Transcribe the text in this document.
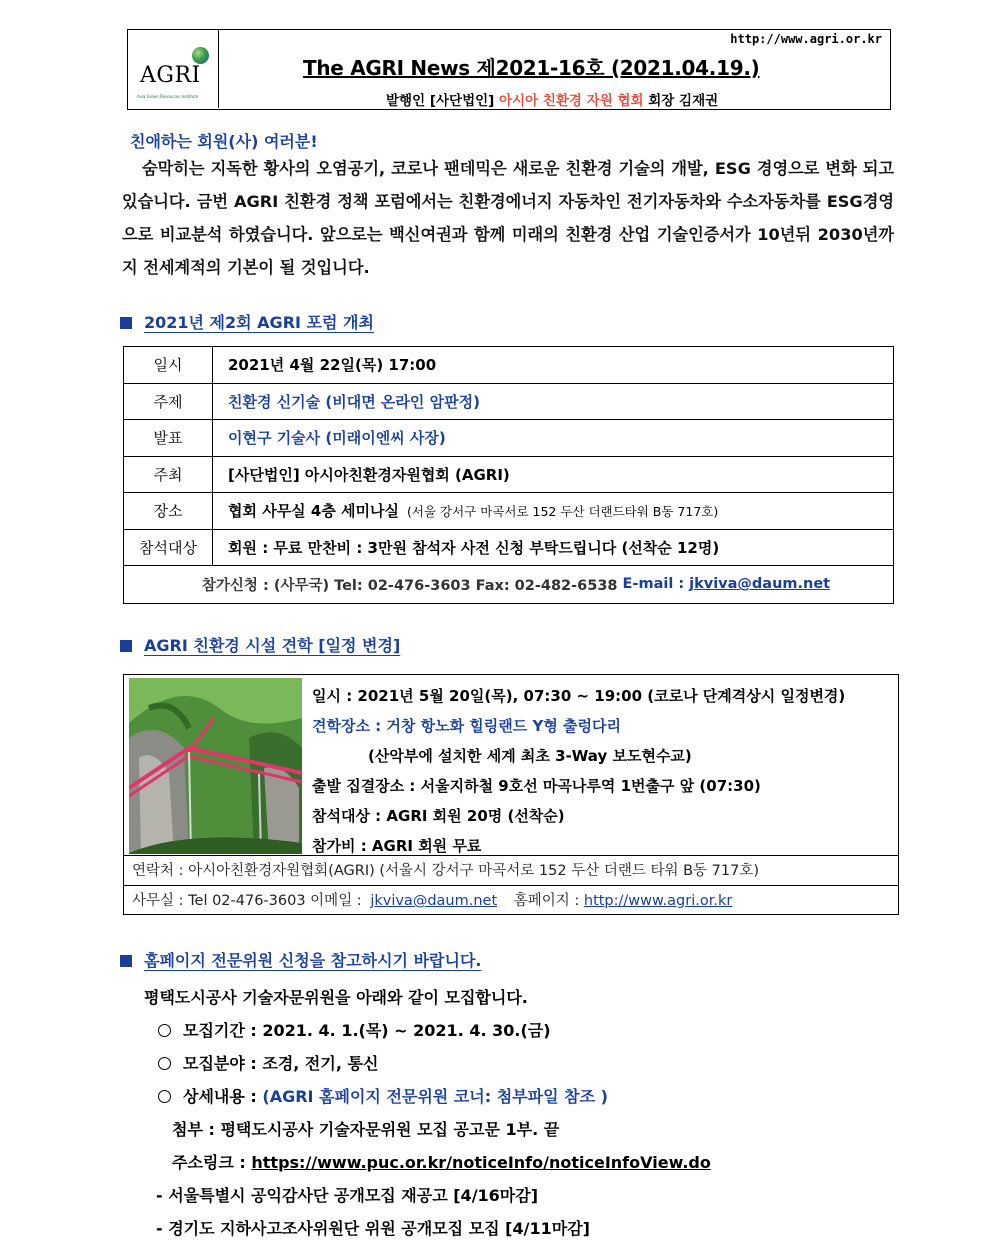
AGRI
Asia Green Resources Institute
http://www.agri.or.kr
The AGRI News 제2021-16호 (2021.04.19.)
발행인 [사단법인] 아시아 친환경 자원 협회 회장 김재권
친애하는 회원(사) 여러분!
숨막히는 지독한 황사의 오염공기, 코로나 팬데믹은 새로운 친환경 기술의 개발, ESG 경영으로 변화 되고 있습니다. 금번 AGRI 친환경 정책 포럼에서는 친환경에너지 자동차인 전기자동차와 수소자동차를 ESG경영으로 비교분석 하였습니다. 앞으로는 백신여권과 함께 미래의 친환경 산업 기술인증서가 10년뒤 2030년까지 전세계적의 기본이 될 것입니다.
2021년 제2회 AGRI 포럼 개최
일시	2021년 4월 22일(목) 17:00
주제	친환경 신기술 (비대면 온라인 암판정)
발표	이현구 기술사 (미래이엔씨 사장)
주최	[사단법인] 아시아친환경자원협회 (AGRI)
장소	협회 사무실 4층 세미나실 (서울 강서구 마곡서로 152 두산 더랜드타워 B동 717호)
참석대상	회원 : 무료 만찬비 : 3만원 참석자 사전 신청 부탁드립니다 (선착순 12명)
참가신청 : (사무국) Tel: 02-476-3603 Fax: 02-482-6538 E-mail : jkviva@daum.net
AGRI 친환경 시설 견학 [일정 변경]
일시 : 2021년 5월 20일(목), 07:30 ~ 19:00 (코로나 단계격상시 일정변경)
견학장소 : 거창 항노화 힐링랜드 Y형 출렁다리
(산악부에 설치한 세계 최초 3-Way 보도현수교)
출발 집결장소 : 서울지하철 9호선 마곡나루역 1번출구 앞 (07:30)
참석대상 : AGRI 회원 20명 (선착순)
참가비 : AGRI 회원 무료
연락처 : 아시아친환경자원협회(AGRI) (서울시 강서구 마곡서로 152 두산 더랜드 타워 B동 717호)
사무실 : Tel 02-476-3603 이메일 : jkviva@daum.net 홈페이지 : http://www.agri.or.kr
홈페이지 전문위원 신청을 참고하시기 바랍니다.
평택도시공사 기술자문위원을 아래와 같이 모집합니다.
모집기간 : 2021. 4. 1.(목) ~ 2021. 4. 30.(금)
모집분야 : 조경, 전기, 통신
상세내용 : (AGRI 홈페이지 전문위원 코너: 첨부파일 참조 )
첨부 : 평택도시공사 기술자문위원 모집 공고문 1부. 끝
주소링크 : https://www.puc.or.kr/noticeInfo/noticeInfoView.do
- 서울특별시 공익감사단 공개모집 재공고 [4/16마감]
- 경기도 지하사고조사위원단 위원 공개모집 모집 [4/11마감]
